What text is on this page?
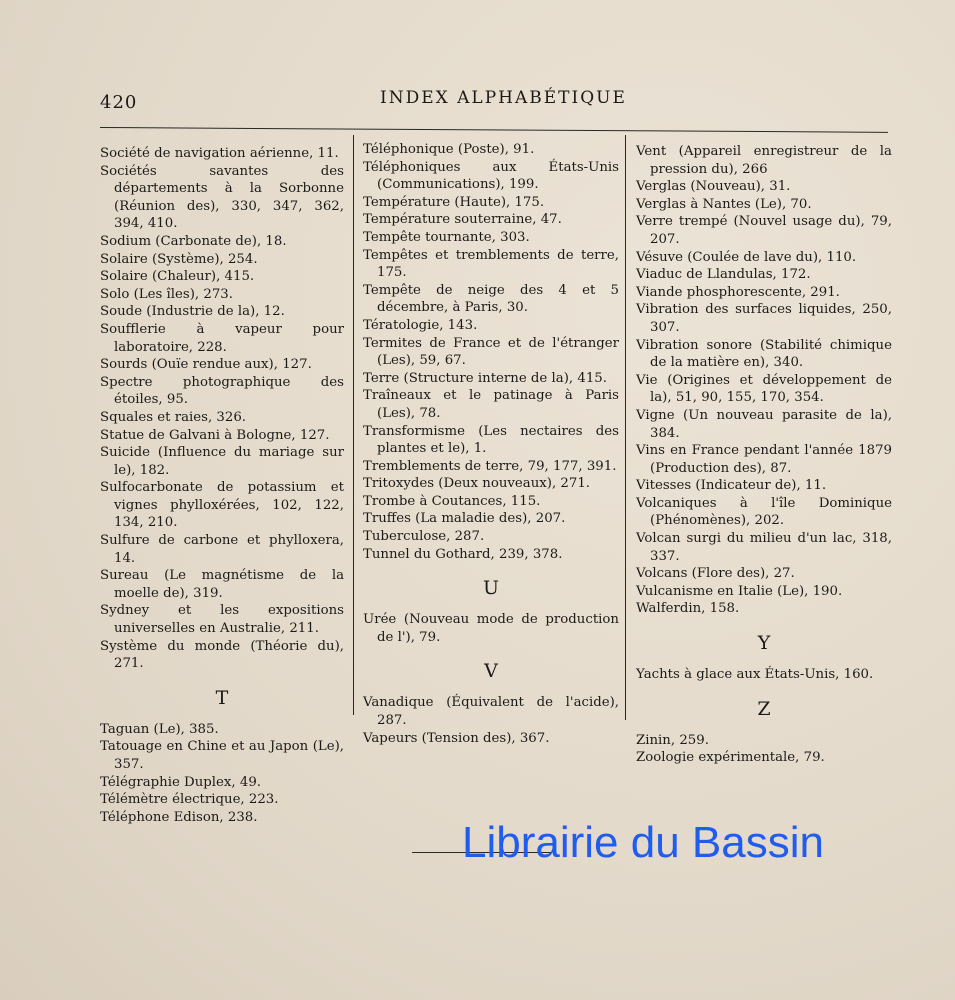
420	INDEX ALPHABÉTIQUE

Société de navigation aérienne, 11.

Sociétés savantes des départements à la Sorbonne (Réunion des), 330, 347, 362, 394, 410.

Sodium (Carbonate de), 18.

Solaire (Système), 254.

Solaire (Chaleur), 415.

Solo (Les îles), 273.

Soude (Industrie de la), 12.

Soufflerie à vapeur pour laboratoire, 228.

Sourds (Ouïe rendue aux), 127.

Spectre photographique des étoiles, 95.

Squales et raies, 326.

Statue de Galvani à Bologne, 127.

Suicide (Influence du mariage sur le), 182.

Sulfocarbonate de potassium et vignes phylloxérées, 102, 122, 134, 210.

Sulfure de carbone et phylloxera, 14.

Sureau (Le magnétisme de la moelle de), 319.

Sydney et les expositions universelles en Australie, 211.

Système du monde (Théorie du), 271.

T

Taguan (Le), 385.

Tatouage en Chine et au Japon (Le), 357.

Télégraphie Duplex, 49.

Télémètre électrique, 223.

Téléphone Edison, 238.

Téléphonique (Poste), 91.

Téléphoniques aux États-Unis (Communications), 199.

Température (Haute), 175.

Température souterraine, 47.

Tempête tournante, 303.

Tempêtes et tremblements de terre, 175.

Tempête de neige des 4 et 5 décembre, à Paris, 30.

Tératologie, 143.

Termites de France et de l'étranger (Les), 59, 67.

Terre (Structure interne de la), 415.

Traîneaux et le patinage à Paris (Les), 78.

Transformisme (Les nectaires des plantes et le), 1.

Tremblements de terre, 79, 177, 391.

Tritoxydes (Deux nouveaux), 271.

Trombe à Coutances, 115.

Truffes (La maladie des), 207.

Tuberculose, 287.

Tunnel du Gothard, 239, 378.

U

Urée (Nouveau mode de production de l'), 79.

V

Vanadique (Équivalent de l'acide), 287.

Vapeurs (Tension des), 367.

Vent (Appareil enregistreur de la pression du), 266

Verglas (Nouveau), 31.

Verglas à Nantes (Le), 70.

Verre trempé (Nouvel usage du), 79, 207.

Vésuve (Coulée de lave du), 110.

Viaduc de Llandulas, 172.

Viande phosphorescente, 291.

Vibration des surfaces liquides, 250, 307.

Vibration sonore (Stabilité chimique de la matière en), 340.

Vie (Origines et développement de la), 51, 90, 155, 170, 354.

Vigne (Un nouveau parasite de la), 384.

Vins en France pendant l'année 1879 (Production des), 87.

Vitesses (Indicateur de), 11.

Volcaniques à l'île Dominique (Phénomènes), 202.

Volcan surgi du milieu d'un lac, 318, 337.

Volcans (Flore des), 27.

Vulcanisme en Italie (Le), 190.

Walferdin, 158.

Y

Yachts à glace aux États-Unis, 160.

Z

Zinin, 259.

Zoologie expérimentale, 79.

Librairie du Bassin
